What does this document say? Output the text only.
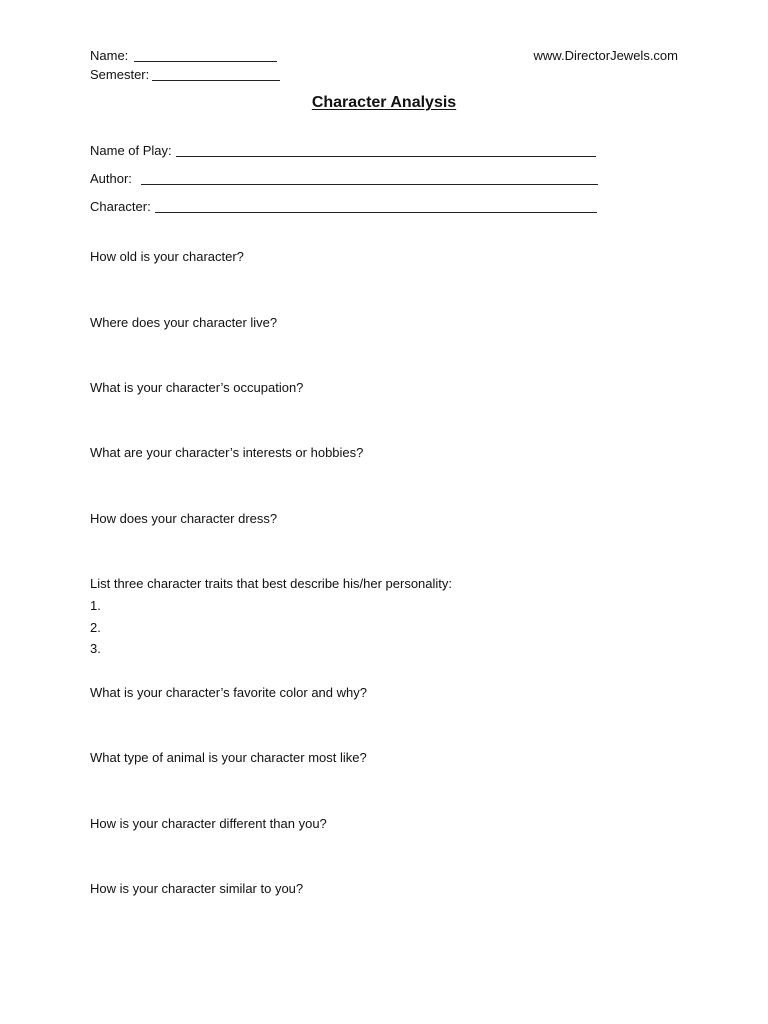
Name:
Semester:
www.DirectorJewels.com
Character Analysis
Name of Play:
Author:
Character:
How old is your character?
Where does your character live?
What is your character’s occupation?
What are your character’s interests or hobbies?
How does your character dress?
List three character traits that best describe his/her personality:
1.
2.
3.
What is your character’s favorite color and why?
What type of animal is your character most like?
How is your character different than you?
How is your character similar to you?
